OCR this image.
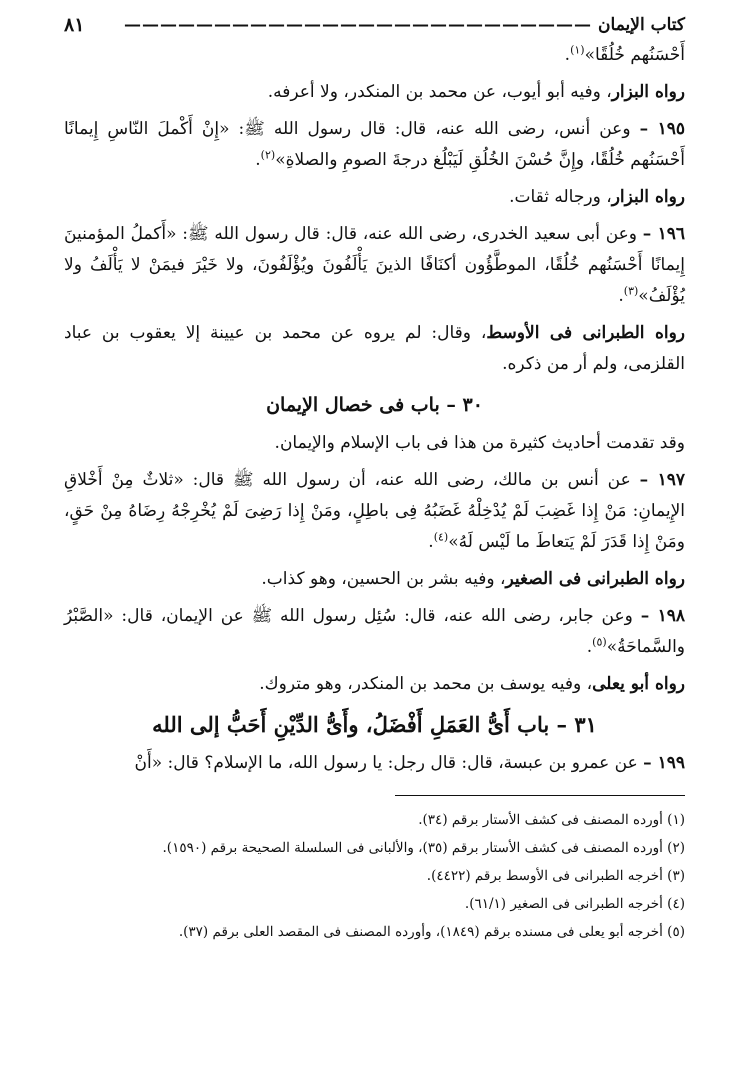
كتاب الإيمان
——————————————————————————
٨١

أَحْسَنُهم خُلُقًا»$^{(١)}$.

رواه البزار، وفيه أبو أيوب، عن محمد بن المنكدر، ولا أعرفه.

١٩٥ – وعن أنس، رضى الله عنه، قال: قال رسول الله ﷺ: «إِنْ أَكْملَ النّاسِ إِيمانًا أَحْسَنُهم خُلُقًا، وإِنَّ حُسْنَ الخُلُقِ لَيَبْلُغ درجةَ الصومِ والصلاةِ»$^{(٢)}$.

رواه البزار، ورجاله ثقات.

١٩٦ – وعن أبى سعيد الخدرى، رضى الله عنه، قال: قال رسول الله ﷺ: «أَكملُ المؤمنينَ إِيمانًا أَحْسَنُهم خُلُقًا، الموطَّؤُون أكنَافًا الذينَ يَأْلَفُونَ ويُؤْلَفُونَ، ولا خَيْرَ فيمَنْ لا يَأْلَفُ ولا يُؤْلَفُ»$^{(٣)}$.

رواه الطبرانى فى الأوسط، وقال: لم يروه عن محمد بن عيينة إلا يعقوب بن عباد القلزمى، ولم أر من ذكره.

٣٠ – باب فى خصال الإيمان

وقد تقدمت أحاديث كثيرة من هذا فى باب الإسلام والإيمان.

١٩٧ – عن أنس بن مالك، رضى الله عنه، أن رسول الله ﷺ قال: «ثلاثٌ مِنْ أَخْلاقِ الإِيمانِ: مَنْ إِذا غَضِبَ لَمْ يُدْخِلْهُ غَضَبُهُ فِى باطِلٍ، ومَنْ إِذا رَضِىَ لَمْ يُخْرِجْهُ رِضَاهُ مِنْ حَقٍ، ومَنْ إِذا قَدَرَ لَمْ يَتعاطَ ما لَيْس لَهُ»$^{(٤)}$.

رواه الطبرانى فى الصغير، وفيه بشر بن الحسين، وهو كذاب.

١٩٨ – وعن جابر، رضى الله عنه، قال: سُئِل رسول الله ﷺ عن الإيمان، قال: «الصَّبْرُ والسَّماحَةُ»$^{(٥)}$.

رواه أبو يعلى، وفيه يوسف بن محمد بن المنكدر، وهو متروك.

٣١ – باب أَىُّ العَمَلِ أَفْضَلُ، وأَىُّ الدِّيْنِ أَحَبُّ إلى الله

١٩٩ – عن عمرو بن عبسة، قال: قال رجل: يا رسول الله، ما الإسلام؟ قال: «أَنْ

(١) أورده المصنف فى كشف الأستار برقم (٣٤).

(٢) أورده المصنف فى كشف الأستار برقم (٣٥)، والألبانى فى السلسلة الصحيحة برقم (١٥٩٠).

(٣) أخرجه الطبرانى فى الأوسط برقم (٤٤٢٢).

(٤) أخرجه الطبرانى فى الصغير (٦١/١).

(٥) أخرجه أبو يعلى فى مسنده برقم (١٨٤٩)، وأورده المصنف فى المقصد العلى برقم (٣٧).
